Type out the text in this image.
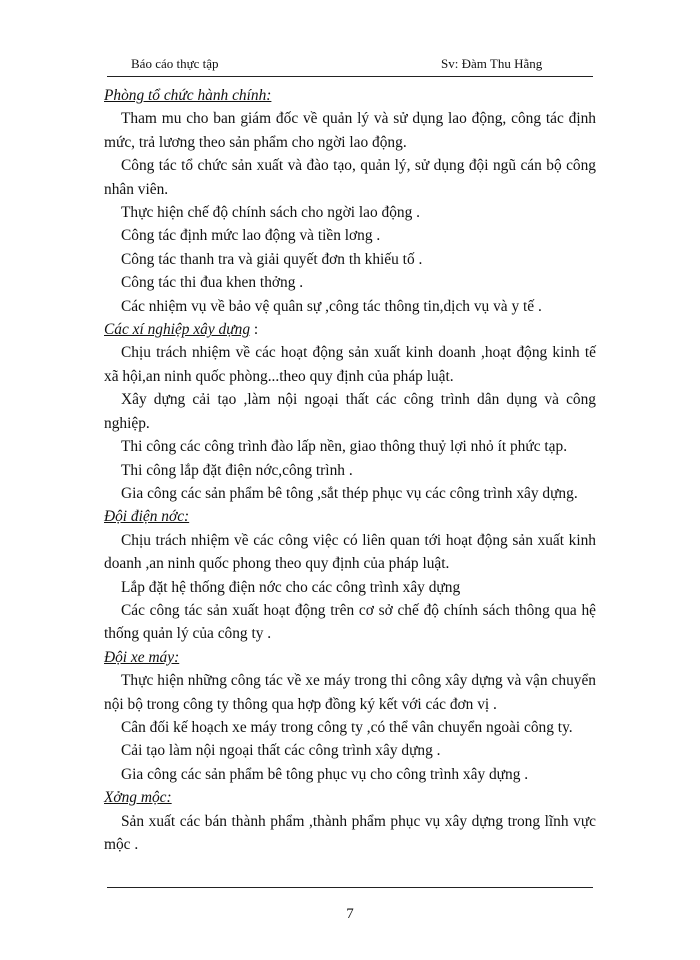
Báo cáo thực tập	Sv: Đàm Thu Hằng

Phòng tổ chức hành chính:

Tham mu cho ban giám đốc về quản lý và sử dụng lao động, công tác định mức, trả lương theo sản phẩm cho ngời lao động.

Công tác tổ chức sản xuất và đào tạo, quản lý, sử dụng đội ngũ cán bộ công nhân viên.

Thực hiện chế độ chính sách cho ngời lao động .

Công tác định mức lao động và tiền lơng .

Công tác thanh tra và giải quyết đơn th khiếu tố .

Công tác thi đua khen thởng .

Các nhiệm vụ về bảo vệ quân sự ,công tác thông tin,dịch vụ và y tế .

Các xí nghiệp xây dựng :

Chịu trách nhiệm về các hoạt động sản xuất kinh doanh ,hoạt động kinh tế xã hội,an ninh quốc phòng...theo quy định của pháp luật.

Xây dựng cải tạo ,làm nội ngoại thất các công trình dân dụng và công nghiệp.

Thi công các công trình đào lấp nền, giao thông thuỷ lợi nhỏ ít phức tạp.

Thi công lắp đặt điện nớc,công trình .

Gia công các sản phẩm bê tông ,sắt thép phục vụ các công trình xây dựng.

Đội điện nớc:

Chịu trách nhiệm về các công việc có liên quan tới hoạt động sản xuất kinh doanh ,an ninh quốc phong theo quy định của pháp luật.

Lắp đặt hệ thống điện nớc cho các công trình xây dựng

Các công tác sản xuất hoạt động trên cơ sở chế độ chính sách thông qua hệ thống quản lý của công ty .

Đội xe máy:

Thực hiện những công tác về xe máy trong thi công xây dựng và vận chuyển nội bộ trong công ty thông qua hợp đồng ký kết với các đơn vị .

Cân đối kế hoạch xe máy trong công ty ,có thể vân chuyển ngoài công ty.

Cải tạo làm nội ngoại thất các công trình xây dựng .

Gia công các sản phẩm bê tông phục vụ cho công trình xây dựng .

Xởng mộc:

Sản xuất các bán thành phẩm ,thành phẩm phục vụ xây dựng trong lĩnh vực mộc .

7
